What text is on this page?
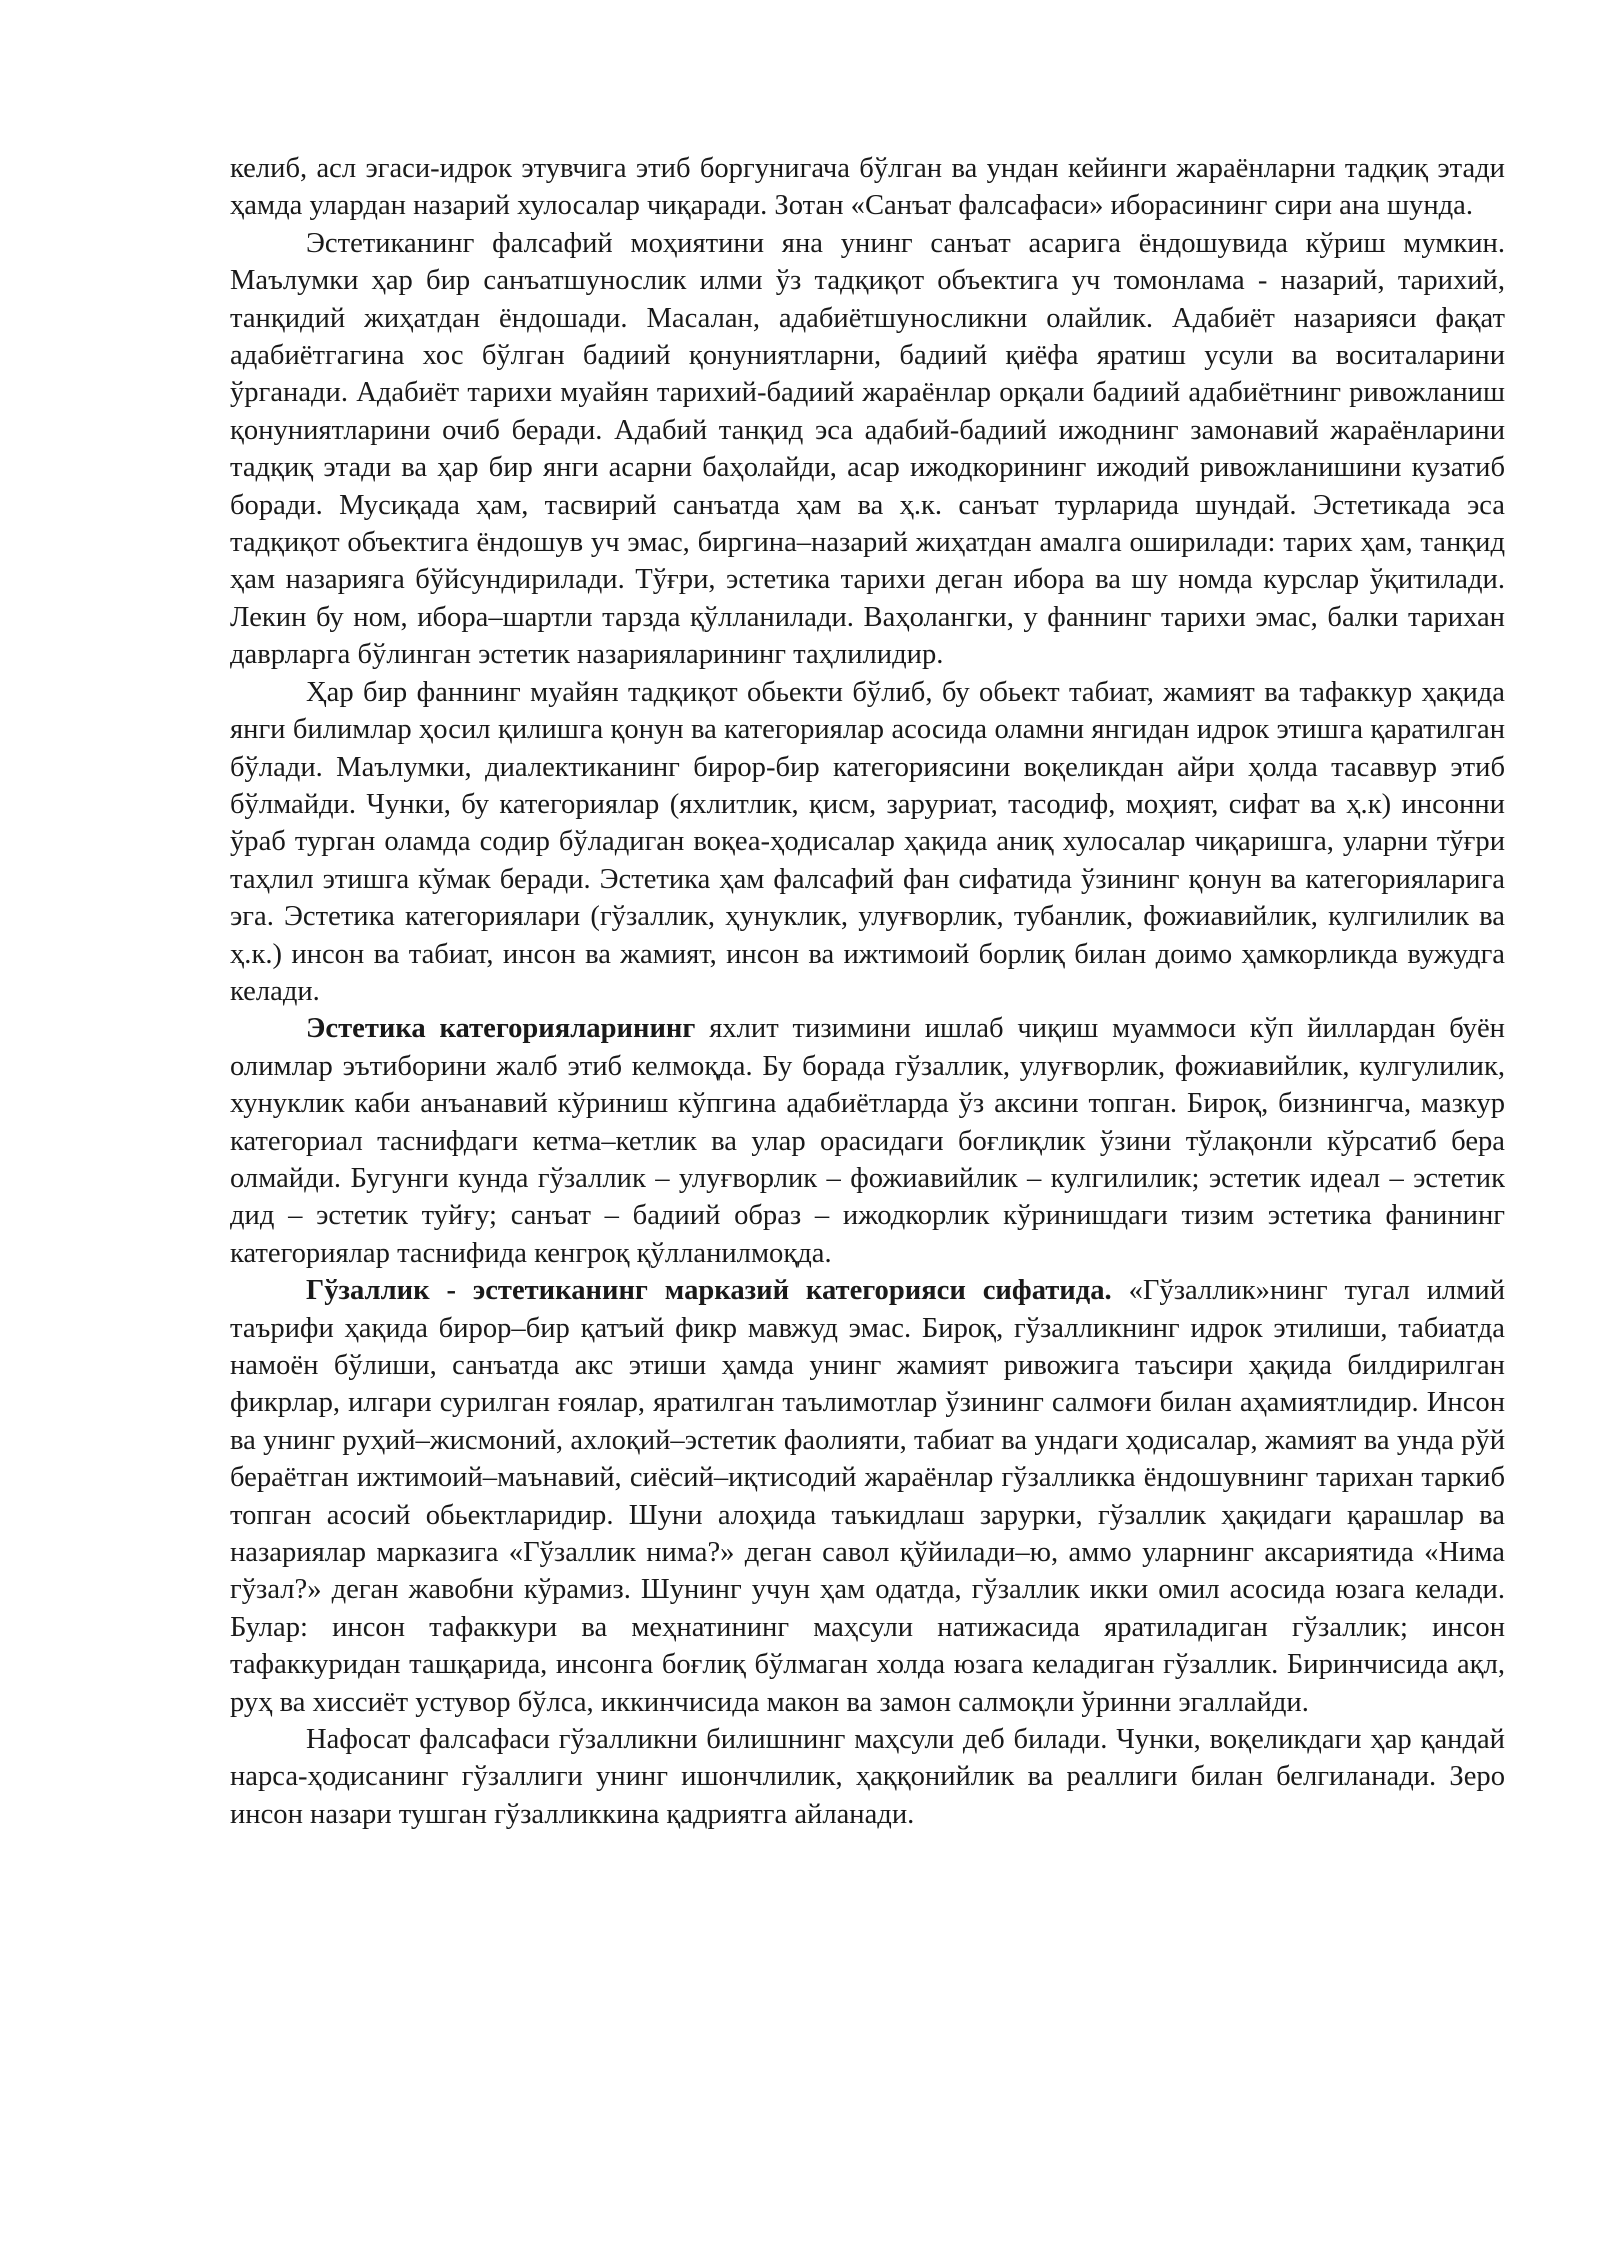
келиб, асл эгаси-идрок этувчига этиб боргунигача бўлган ва ундан кейинги жараёнларни тадқиқ этади ҳамда улардан назарий хулосалар чиқаради. Зотан «Санъат фалсафаси» иборасининг сири ана шунда.

Эстетиканинг фалсафий моҳиятини яна унинг санъат асарига ёндошувида кўриш мумкин. Маълумки ҳар бир санъатшунослик илми ўз тадқиқот объектига уч томонлама - назарий, тарихий, танқидий жиҳатдан ёндошади. Масалан, адабиётшуносликни олайлик. Адабиёт назарияси фақат адабиётгагина хос бўлган бадиий қонуниятларни, бадиий қиёфа яратиш усули ва воситаларини ўрганади. Адабиёт тарихи муайян тарихий-бадиий жараёнлар орқали бадиий адабиётнинг ривожланиш қонуниятларини очиб беради. Адабий танқид эса адабий-бадиий ижоднинг замонавий жараёнларини тадқиқ этади ва ҳар бир янги асарни баҳолайди, асар ижодкорининг ижодий ривожланишини кузатиб боради. Мусиқада ҳам, тасвирий санъатда ҳам ва ҳ.к. санъат турларида шундай. Эстетикада эса тадқиқот объектига ёндошув уч эмас, биргина–назарий жиҳатдан амалга оширилади: тарих ҳам, танқид ҳам назарияга бўйсундирилади. Тўғри, эстетика тарихи деган ибора ва шу номда курслар ўқитилади. Лекин бу ном, ибора–шартли тарзда қўлланилади. Ваҳолангки, у фаннинг тарихи эмас, балки тарихан даврларга бўлинган эстетик назарияларининг таҳлилидир.

Ҳар бир фаннинг муайян тадқиқот обьекти бўлиб, бу обьект табиат, жамият ва тафаккур ҳақида янги билимлар ҳосил қилишга қонун ва категориялар асосида оламни янгидан идрок этишга қаратилган бўлади. Маълумки, диалектиканинг бирор-бир категориясини воқеликдан айри ҳолда тасаввур этиб бўлмайди. Чунки, бу категориялар (яхлитлик, қисм, заруриат, тасодиф, моҳият, сифат ва ҳ.к) инсонни ўраб турган оламда содир бўладиган воқеа-ҳодисалар ҳақида аниқ хулосалар чиқаришга, уларни тўғри таҳлил этишга кўмак беради. Эстетика ҳам фалсафий фан сифатида ўзининг қонун ва категорияларига эга. Эстетика категориялари (гўзаллик, ҳунуклик, улуғворлик, тубанлик, фожиавийлик, кулгилилик ва ҳ.к.) инсон ва табиат, инсон ва жамият, инсон ва ижтимоий борлиқ билан доимо ҳамкорликда вужудга келади.

Эстетика категорияларининг яхлит тизимини ишлаб чиқиш муаммоси кўп йиллардан буён олимлар эътиборини жалб этиб келмоқда. Бу борада гўзаллик, улуғворлик, фожиавийлик, кулгулилик, хунуклик каби анъанавий кўриниш кўпгина адабиётларда ўз аксини топган. Бироқ, бизнингча, мазкур категориал таснифдаги кетма–кетлик ва улар орасидаги боғлиқлик ўзини тўлақонли кўрсатиб бера олмайди. Бугунги кунда гўзаллик – улуғворлик – фожиавийлик – кулгилилик; эстетик идеал – эстетик дид – эстетик туйғу; санъат – бадиий образ – ижодкорлик кўринишдаги тизим эстетика фанининг категориялар таснифида кенгроқ қўлланилмоқда.

Гўзаллик - эстетиканинг марказий категорияси сифатида. «Гўзаллик»нинг тугал илмий таърифи ҳақида бирор–бир қатъий фикр мавжуд эмас. Бироқ, гўзалликнинг идрок этилиши, табиатда намоён бўлиши, санъатда акс этиши ҳамда унинг жамият ривожига таъсири ҳақида билдирилган фикрлар, илгари сурилган ғоялар, яратилган таълимотлар ўзининг салмоғи билан аҳамиятлидир. Инсон ва унинг руҳий–жисмоний, ахлоқий–эстетик фаолияти, табиат ва ундаги ҳодисалар, жамият ва унда рўй бераётган ижтимоий–маънавий, сиёсий–иқтисодий жараёнлар гўзалликка ёндошувнинг тарихан таркиб топган асосий обьектларидир. Шуни алоҳида таъкидлаш зарурки, гўзаллик ҳақидаги қарашлар ва назариялар марказига «Гўзаллик нима?» деган савол қўйилади–ю, аммо уларнинг аксариятида «Нима гўзал?» деган жавобни кўрамиз. Шунинг учун ҳам одатда, гўзаллик икки омил асосида юзага келади. Булар: инсон тафаккури ва меҳнатининг маҳсули натижасида яратиладиган гўзаллик; инсон тафаккуридан ташқарида, инсонга боғлиқ бўлмаган холда юзага келадиган гўзаллик. Биринчисида ақл, руҳ ва хиссиёт устувор бўлса, иккинчисида макон ва замон салмоқли ўринни эгаллайди.

Нафосат фалсафаси гўзалликни билишнинг маҳсули деб билади. Чунки, воқеликдаги ҳар қандай нарса-ҳодисанинг гўзаллиги унинг ишончлилик, ҳаққонийлик ва реаллиги билан белгиланади. Зеро инсон назари тушган гўзалликкина қадриятга айланади.
